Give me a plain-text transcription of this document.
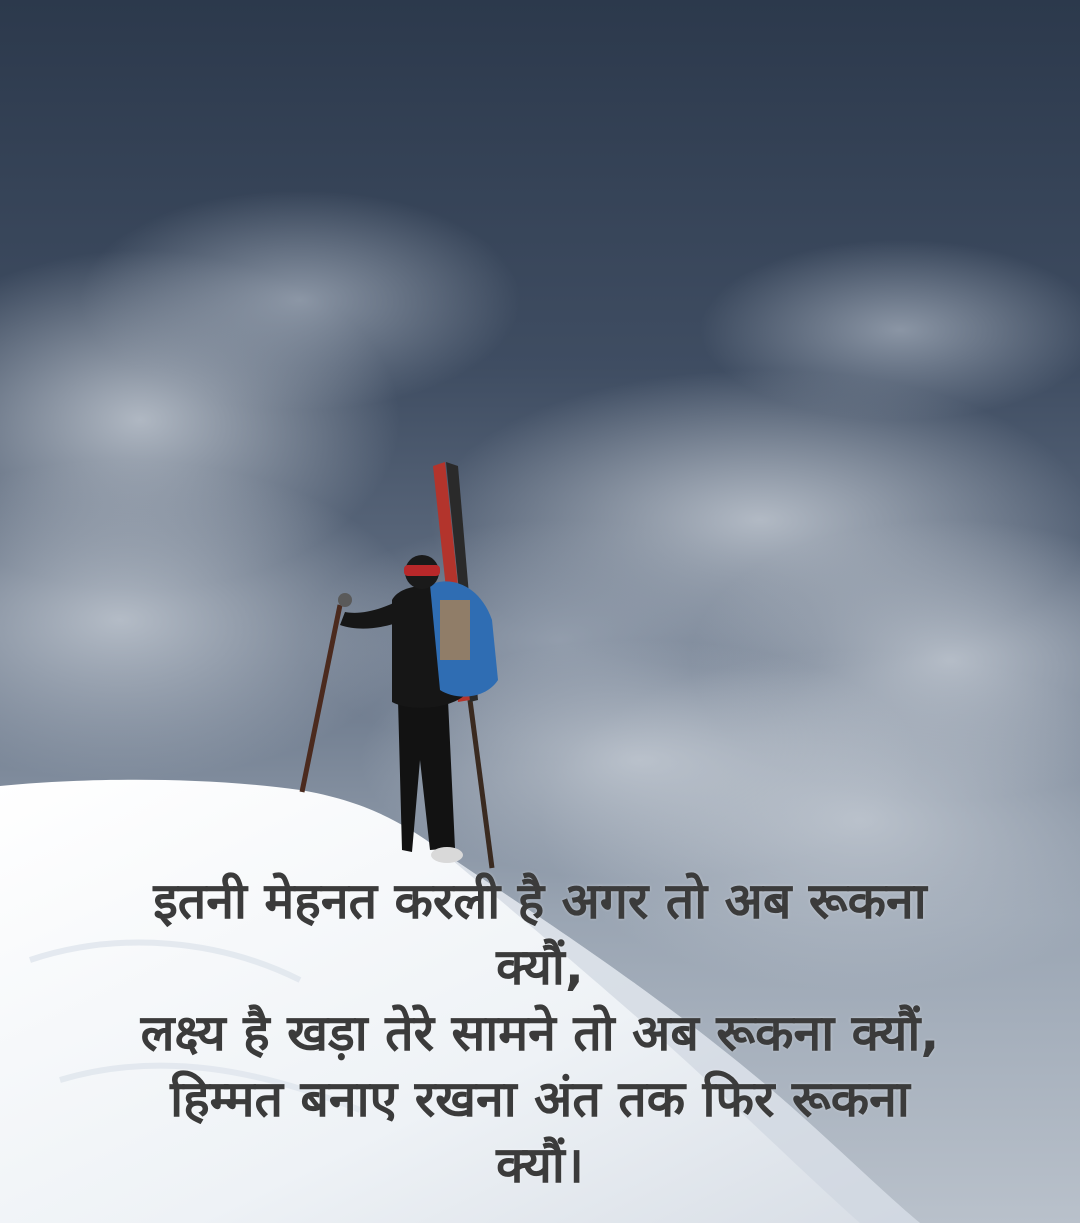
इतनी मेहनत करली है अगर तो अब रूकना
क्यौं,
लक्ष्य है खड़ा तेरे सामने तो अब रूकना क्यौं,
हिम्मत बनाए रखना अंत तक फिर रूकना
क्यौं।
